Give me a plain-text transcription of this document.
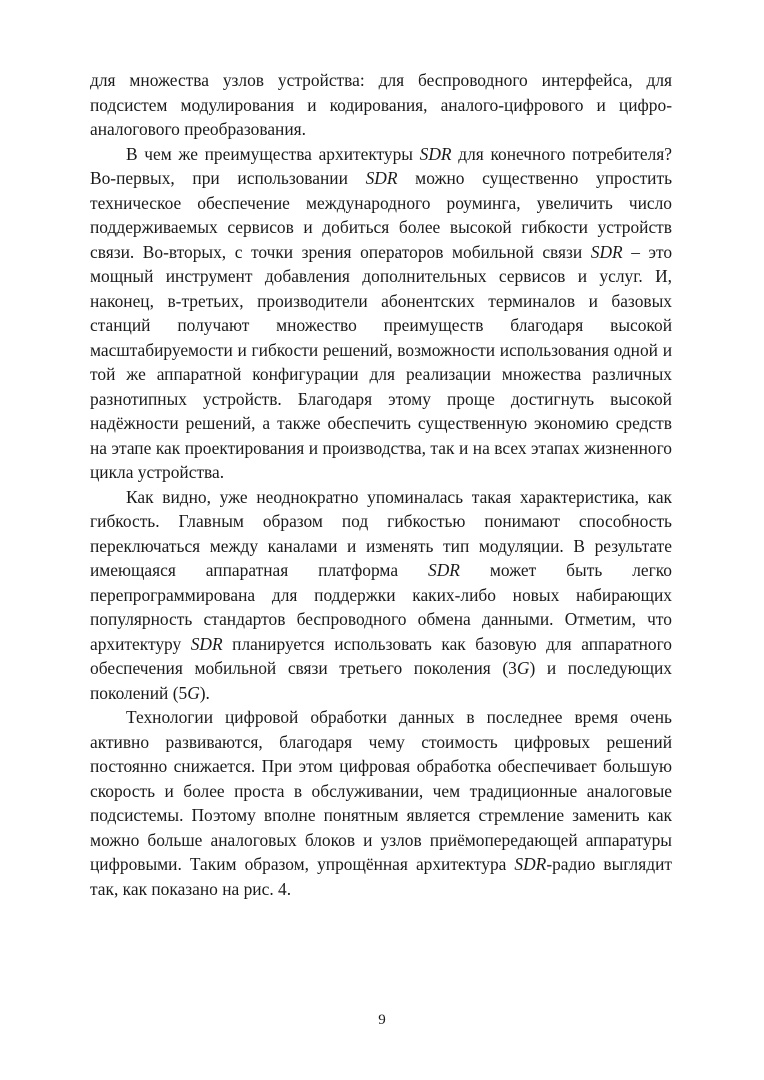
для множества узлов устройства: для беспроводного интерфейса, для подсистем модулирования и кодирования, аналого-цифрового и цифро-аналогового преобразования.

В чем же преимущества архитектуры SDR для конечного потребителя? Во-первых, при использовании SDR можно существенно упростить техническое обеспечение международного роуминга, увеличить число поддерживаемых сервисов и добиться более высокой гибкости устройств связи. Во-вторых, с точки зрения операторов мобильной связи SDR – это мощный инструмент добавления дополнительных сервисов и услуг. И, наконец, в-третьих, производители абонентских терминалов и базовых станций получают множество преимуществ благодаря высокой масштабируемости и гибкости решений, возможности использования одной и той же аппаратной конфигурации для реализации множества различных разнотипных устройств. Благодаря этому проще достигнуть высокой надёжности решений, а также обеспечить существенную экономию средств на этапе как проектирования и производства, так и на всех этапах жизненного цикла устройства.

Как видно, уже неоднократно упоминалась такая характеристика, как гибкость. Главным образом под гибкостью понимают способность переключаться между каналами и изменять тип модуляции. В результате имеющаяся аппаратная платформа SDR может быть легко перепрограммирована для поддержки каких-либо новых набирающих популярность стандартов беспроводного обмена данными. Отметим, что архитектуру SDR планируется использовать как базовую для аппаратного обеспечения мобильной связи третьего поколения (3G) и последующих поколений (5G).

Технологии цифровой обработки данных в последнее время очень активно развиваются, благодаря чему стоимость цифровых решений постоянно снижается. При этом цифровая обработка обеспечивает большую скорость и более проста в обслуживании, чем традиционные аналоговые подсистемы. Поэтому вполне понятным является стремление заменить как можно больше аналоговых блоков и узлов приёмопередающей аппаратуры цифровыми. Таким образом, упрощённая архитектура SDR-радио выглядит так, как показано на рис. 4.

9
